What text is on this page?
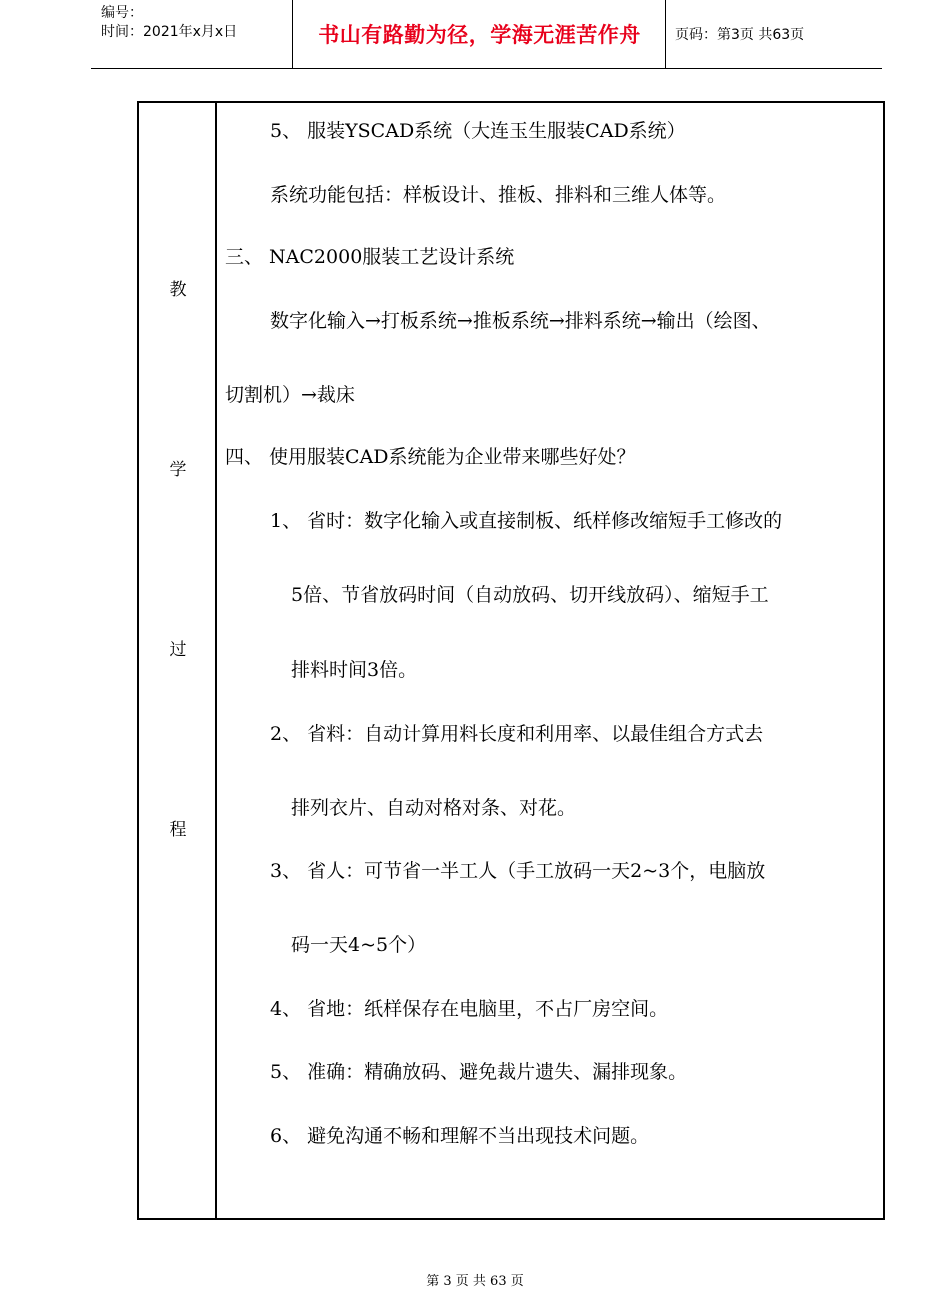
编号：
时间：2021年x月x日	书山有路勤为径，学海无涯苦作舟	页码：第3页 共63页
教
学
过
程
5、 服装YSCAD系统（大连玉生服装CAD系统）
系统功能包括：样板设计、推板、排料和三维人体等。
三、 NAC2000服装工艺设计系统
数字化输入→打板系统→推板系统→排料系统→输出（绘图、
切割机）→裁床
四、 使用服装CAD系统能为企业带来哪些好处？
1、 省时：数字化输入或直接制板、纸样修改缩短手工修改的
5倍、节省放码时间（自动放码、切开线放码）、缩短手工
排料时间3倍。
2、 省料：自动计算用料长度和利用率、以最佳组合方式去
排列衣片、自动对格对条、对花。
3、 省人：可节省一半工人（手工放码一天2~3个，电脑放
码一天4~5个）
4、 省地：纸样保存在电脑里，不占厂房空间。
5、 准确：精确放码、避免裁片遗失、漏排现象。
6、 避免沟通不畅和理解不当出现技术问题。
第 3 页 共 63 页
